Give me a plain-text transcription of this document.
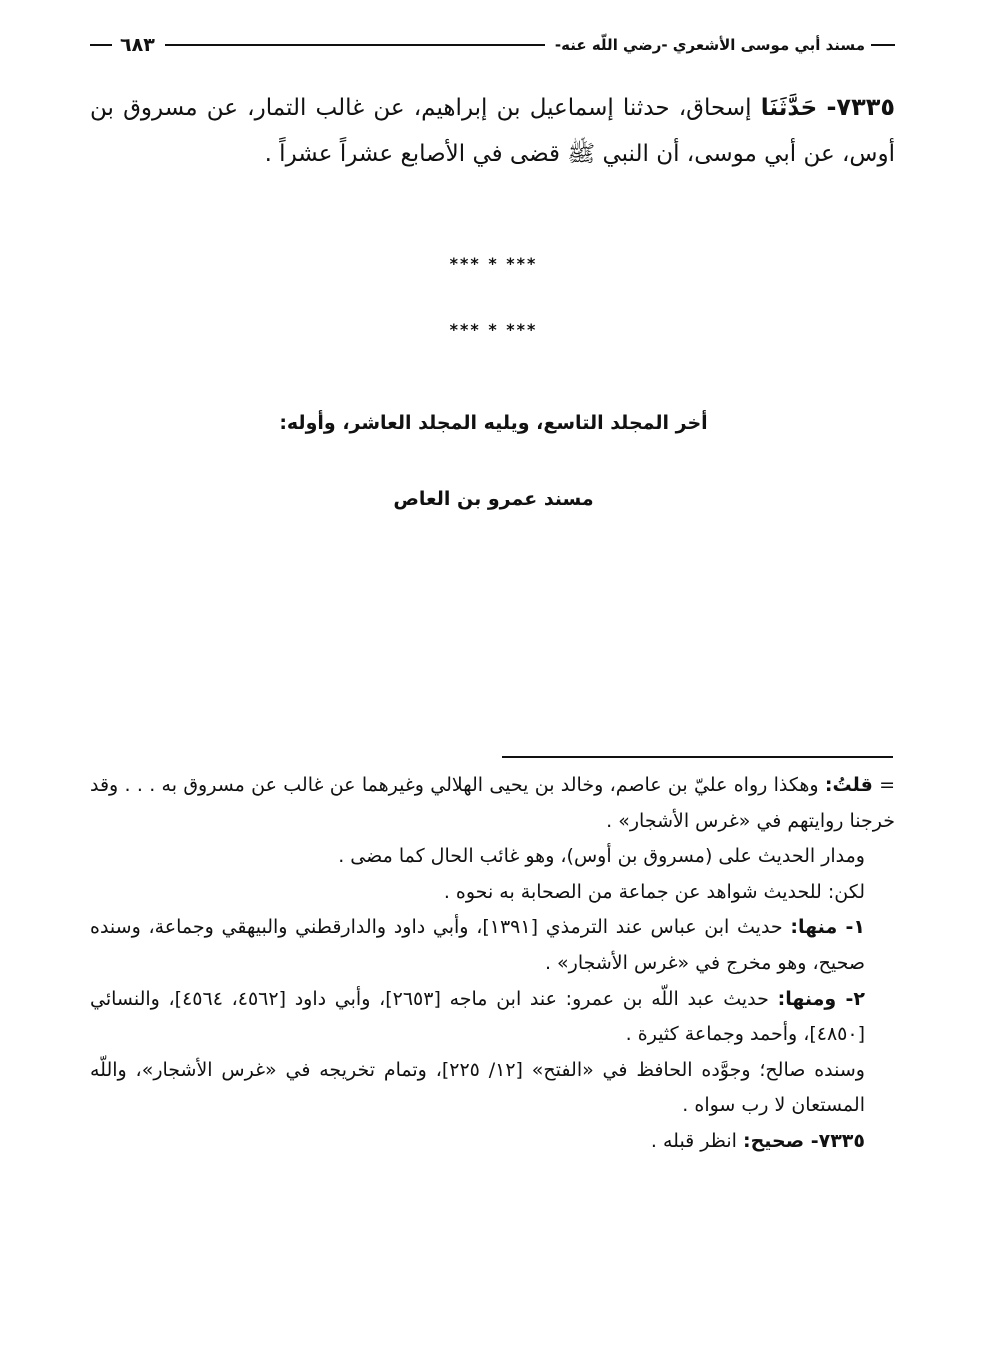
مسند أبي موسى الأشعري -رضي اللّه عنه-
٦٨٣
٧٣٣٥- حَدَّثَنَا إسحاق، حدثنا إسماعيل بن إبراهيم، عن غالب التمار، عن مسروق بن أوس، عن أبي موسى، أن النبي ﷺ قضى في الأصابع عشراً عشراً .
*** * ***
*** * ***
أخر المجلد التاسع، ويليه المجلد العاشر، وأوله:
مسند عمرو بن العاص

= قلتُ: وهكذا رواه عليّ بن عاصم، وخالد بن يحيى الهلالي وغيرهما عن غالب عن مسروق به . . . وقد خرجنا روايتهم في «غرس الأشجار» .

ومدار الحديث على (مسروق بن أوس)، وهو غائب الحال كما مضى .

لكن: للحديث شواهد عن جماعة من الصحابة به نحوه .

١- منها: حديث ابن عباس عند الترمذي [١٣٩١]، وأبي داود والدارقطني والبيهقي وجماعة، وسنده صحيح، وهو مخرج في «غرس الأشجار» .

٢- ومنها: حديث عبد اللّه بن عمرو: عند ابن ماجه [٢٦٥٣]، وأبي داود [٤٥٦٢، ٤٥٦٤]، والنسائي [٤٨٥٠]، وأحمد وجماعة كثيرة .

وسنده صالح؛ وجوَّده الحافظ في «الفتح» [١٢/ ٢٢٥]، وتمام تخريجه في «غرس الأشجار»، واللّه المستعان لا رب سواه .

٧٣٣٥- صحيح: انظر قبله .
